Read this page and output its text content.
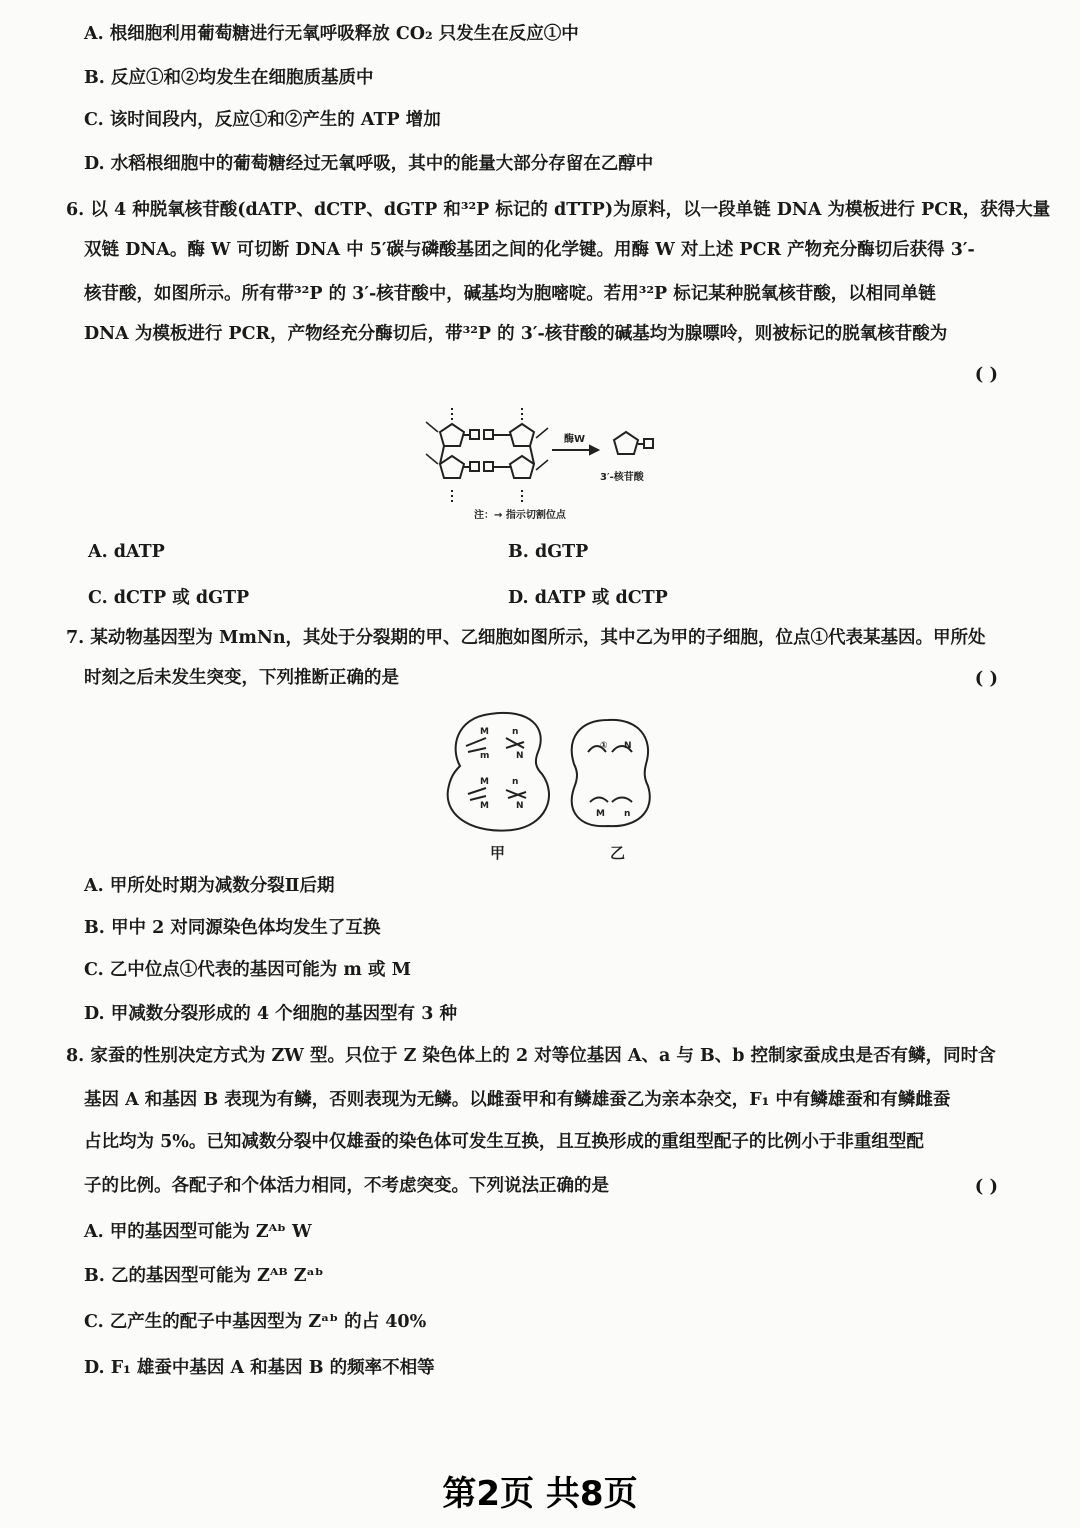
A. 根细胞利用葡萄糖进行无氧呼吸释放 CO₂ 只发生在反应①中
B. 反应①和②均发生在细胞质基质中
C. 该时间段内，反应①和②产生的 ATP 增加
D. 水稻根细胞中的葡萄糖经过无氧呼吸，其中的能量大部分存留在乙醇中
6. 以 4 种脱氧核苷酸(dATP、dCTP、dGTP 和³²P 标记的 dTTP)为原料，以一段单链 DNA 为模板进行 PCR，获得大量
双链 DNA。酶 W 可切断 DNA 中 5′碳与磷酸基团之间的化学键。用酶 W 对上述 PCR 产物充分酶切后获得 3′-
核苷酸，如图所示。所有带³²P 的 3′-核苷酸中，碱基均为胞嘧啶。若用³²P 标记某种脱氧核苷酸，以相同单链
DNA 为模板进行 PCR，产物经充分酶切后，带³²P 的 3′-核苷酸的碱基均为腺嘌呤，则被标记的脱氧核苷酸为
( )
酶W
3′-核苷酸
注：→ 指示切割位点
A. dATP	B. dGTP
C. dCTP 或 dGTP	D. dATP 或 dCTP
7. 某动物基因型为 MmNn，其处于分裂期的甲、乙细胞如图所示，其中乙为甲的子细胞，位点①代表某基因。甲所处
时刻之后未发生突变，下列推断正确的是	( )
M
m
n
N
M
M
n
N
① N
M n
甲	乙
A. 甲所处时期为减数分裂Ⅱ后期
B. 甲中 2 对同源染色体均发生了互换
C. 乙中位点①代表的基因可能为 m 或 M
D. 甲减数分裂形成的 4 个细胞的基因型有 3 种
8. 家蚕的性别决定方式为 ZW 型。只位于 Z 染色体上的 2 对等位基因 A、a 与 B、b 控制家蚕成虫是否有鳞，同时含
基因 A 和基因 B 表现为有鳞，否则表现为无鳞。以雌蚕甲和有鳞雄蚕乙为亲本杂交，F₁ 中有鳞雄蚕和有鳞雌蚕
占比均为 5%。已知减数分裂中仅雄蚕的染色体可发生互换，且互换形成的重组型配子的比例小于非重组型配
子的比例。各配子和个体活力相同，不考虑突变。下列说法正确的是	( )
A. 甲的基因型可能为 Zᴬᵇ W
B. 乙的基因型可能为 Zᴬᴮ Zᵃᵇ
C. 乙产生的配子中基因型为 Zᵃᵇ 的占 40%
D. F₁ 雄蚕中基因 A 和基因 B 的频率不相等
第2页 共8页
